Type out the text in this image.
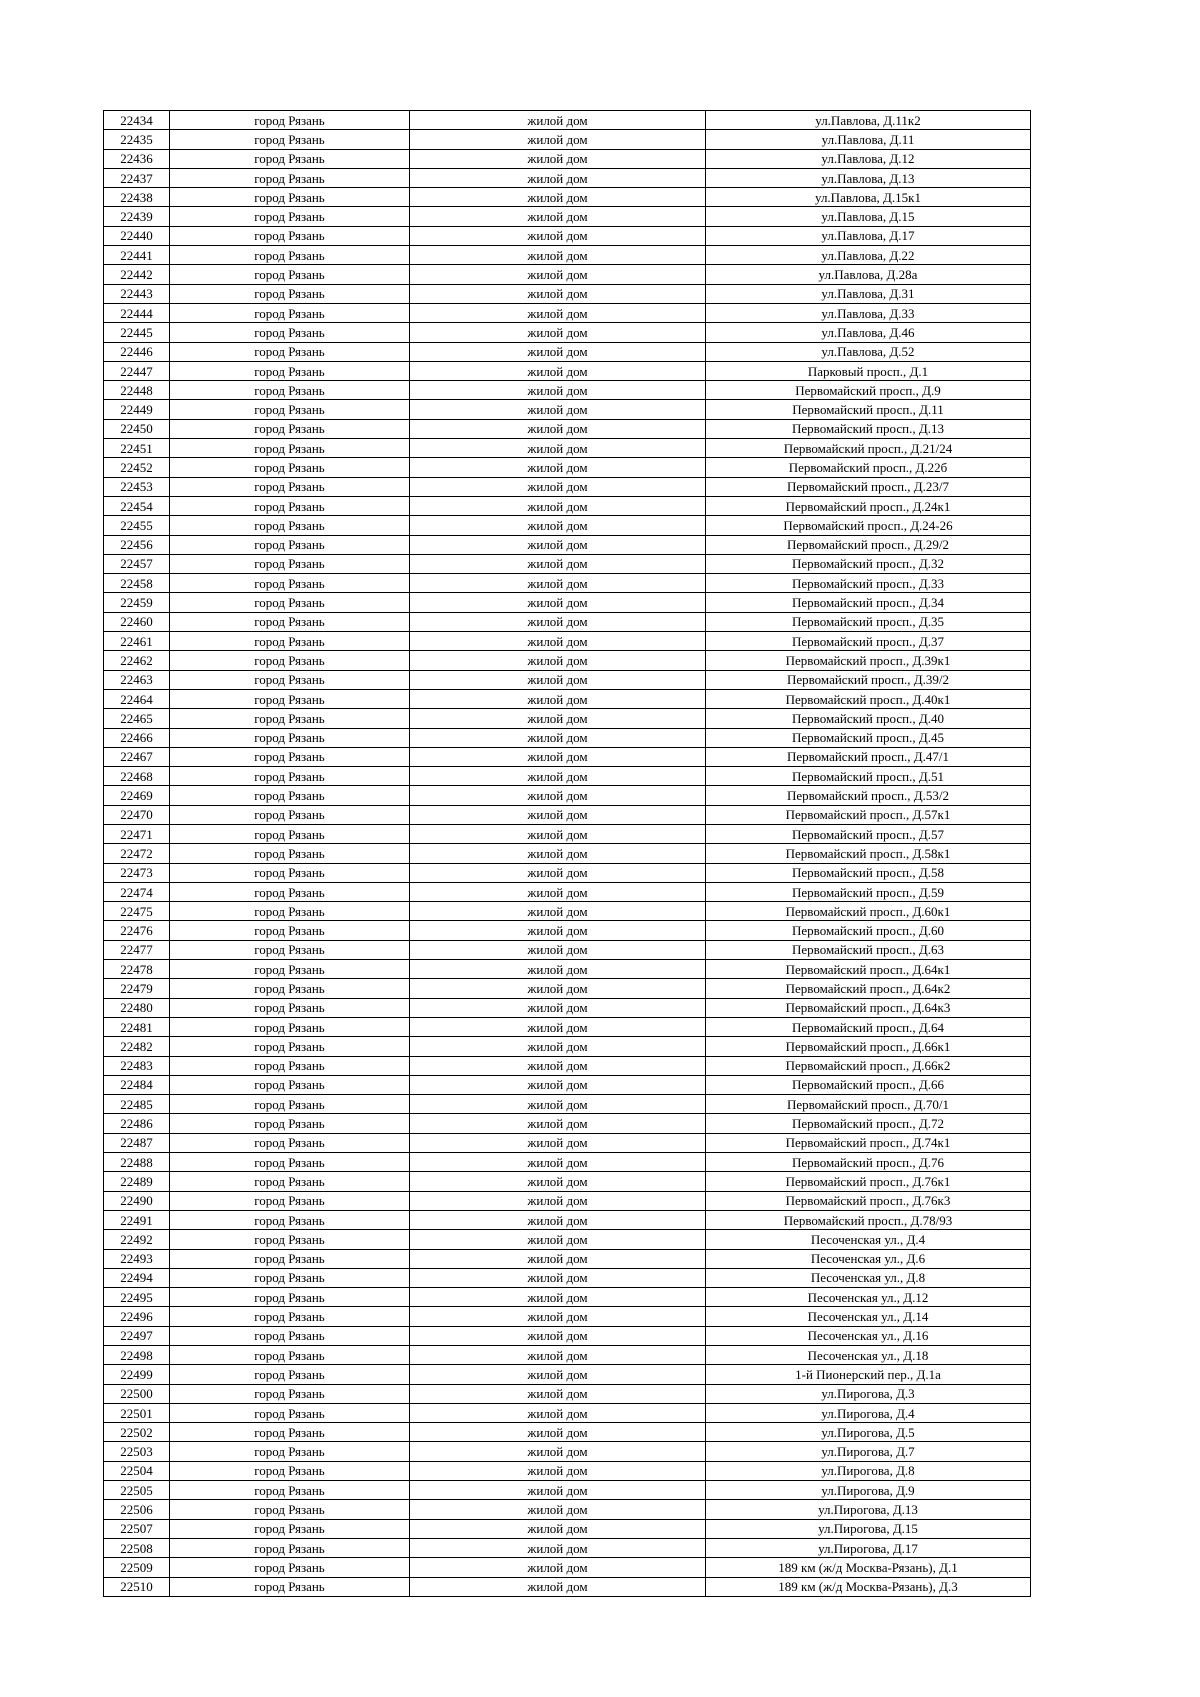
22434	город Рязань	жилой дом	ул.Павлова, Д.11к2
22435	город Рязань	жилой дом	ул.Павлова, Д.11
22436	город Рязань	жилой дом	ул.Павлова, Д.12
22437	город Рязань	жилой дом	ул.Павлова, Д.13
22438	город Рязань	жилой дом	ул.Павлова, Д.15к1
22439	город Рязань	жилой дом	ул.Павлова, Д.15
22440	город Рязань	жилой дом	ул.Павлова, Д.17
22441	город Рязань	жилой дом	ул.Павлова, Д.22
22442	город Рязань	жилой дом	ул.Павлова, Д.28а
22443	город Рязань	жилой дом	ул.Павлова, Д.31
22444	город Рязань	жилой дом	ул.Павлова, Д.33
22445	город Рязань	жилой дом	ул.Павлова, Д.46
22446	город Рязань	жилой дом	ул.Павлова, Д.52
22447	город Рязань	жилой дом	Парковый просп., Д.1
22448	город Рязань	жилой дом	Первомайский просп., Д.9
22449	город Рязань	жилой дом	Первомайский просп., Д.11
22450	город Рязань	жилой дом	Первомайский просп., Д.13
22451	город Рязань	жилой дом	Первомайский просп., Д.21/24
22452	город Рязань	жилой дом	Первомайский просп., Д.22б
22453	город Рязань	жилой дом	Первомайский просп., Д.23/7
22454	город Рязань	жилой дом	Первомайский просп., Д.24к1
22455	город Рязань	жилой дом	Первомайский просп., Д.24-26
22456	город Рязань	жилой дом	Первомайский просп., Д.29/2
22457	город Рязань	жилой дом	Первомайский просп., Д.32
22458	город Рязань	жилой дом	Первомайский просп., Д.33
22459	город Рязань	жилой дом	Первомайский просп., Д.34
22460	город Рязань	жилой дом	Первомайский просп., Д.35
22461	город Рязань	жилой дом	Первомайский просп., Д.37
22462	город Рязань	жилой дом	Первомайский просп., Д.39к1
22463	город Рязань	жилой дом	Первомайский просп., Д.39/2
22464	город Рязань	жилой дом	Первомайский просп., Д.40к1
22465	город Рязань	жилой дом	Первомайский просп., Д.40
22466	город Рязань	жилой дом	Первомайский просп., Д.45
22467	город Рязань	жилой дом	Первомайский просп., Д.47/1
22468	город Рязань	жилой дом	Первомайский просп., Д.51
22469	город Рязань	жилой дом	Первомайский просп., Д.53/2
22470	город Рязань	жилой дом	Первомайский просп., Д.57к1
22471	город Рязань	жилой дом	Первомайский просп., Д.57
22472	город Рязань	жилой дом	Первомайский просп., Д.58к1
22473	город Рязань	жилой дом	Первомайский просп., Д.58
22474	город Рязань	жилой дом	Первомайский просп., Д.59
22475	город Рязань	жилой дом	Первомайский просп., Д.60к1
22476	город Рязань	жилой дом	Первомайский просп., Д.60
22477	город Рязань	жилой дом	Первомайский просп., Д.63
22478	город Рязань	жилой дом	Первомайский просп., Д.64к1
22479	город Рязань	жилой дом	Первомайский просп., Д.64к2
22480	город Рязань	жилой дом	Первомайский просп., Д.64к3
22481	город Рязань	жилой дом	Первомайский просп., Д.64
22482	город Рязань	жилой дом	Первомайский просп., Д.66к1
22483	город Рязань	жилой дом	Первомайский просп., Д.66к2
22484	город Рязань	жилой дом	Первомайский просп., Д.66
22485	город Рязань	жилой дом	Первомайский просп., Д.70/1
22486	город Рязань	жилой дом	Первомайский просп., Д.72
22487	город Рязань	жилой дом	Первомайский просп., Д.74к1
22488	город Рязань	жилой дом	Первомайский просп., Д.76
22489	город Рязань	жилой дом	Первомайский просп., Д.76к1
22490	город Рязань	жилой дом	Первомайский просп., Д.76к3
22491	город Рязань	жилой дом	Первомайский просп., Д.78/93
22492	город Рязань	жилой дом	Песоченская ул., Д.4
22493	город Рязань	жилой дом	Песоченская ул., Д.6
22494	город Рязань	жилой дом	Песоченская ул., Д.8
22495	город Рязань	жилой дом	Песоченская ул., Д.12
22496	город Рязань	жилой дом	Песоченская ул., Д.14
22497	город Рязань	жилой дом	Песоченская ул., Д.16
22498	город Рязань	жилой дом	Песоченская ул., Д.18
22499	город Рязань	жилой дом	1-й Пионерский пер., Д.1а
22500	город Рязань	жилой дом	ул.Пирогова, Д.3
22501	город Рязань	жилой дом	ул.Пирогова, Д.4
22502	город Рязань	жилой дом	ул.Пирогова, Д.5
22503	город Рязань	жилой дом	ул.Пирогова, Д.7
22504	город Рязань	жилой дом	ул.Пирогова, Д.8
22505	город Рязань	жилой дом	ул.Пирогова, Д.9
22506	город Рязань	жилой дом	ул.Пирогова, Д.13
22507	город Рязань	жилой дом	ул.Пирогова, Д.15
22508	город Рязань	жилой дом	ул.Пирогова, Д.17
22509	город Рязань	жилой дом	189 км (ж/д Москва-Рязань), Д.1
22510	город Рязань	жилой дом	189 км (ж/д Москва-Рязань), Д.3
